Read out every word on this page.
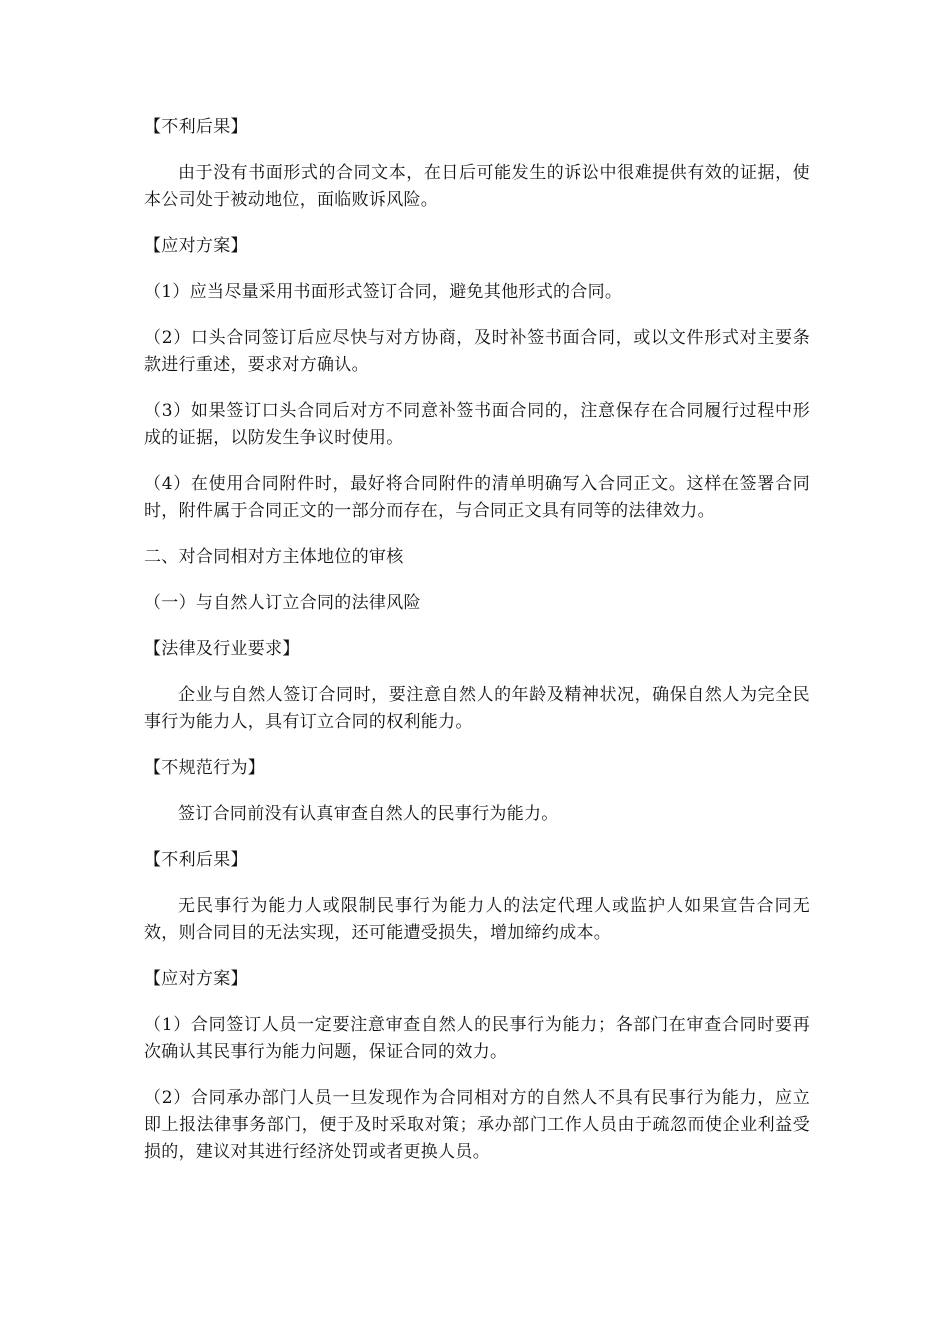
【不利后果】

由于没有书面形式的合同文本，在日后可能发生的诉讼中很难提供有效的证据，使本公司处于被动地位，面临败诉风险。

【应对方案】

（1）应当尽量采用书面形式签订合同，避免其他形式的合同。

（2）口头合同签订后应尽快与对方协商，及时补签书面合同，或以文件形式对主要条款进行重述，要求对方确认。

（3）如果签订口头合同后对方不同意补签书面合同的，注意保存在合同履行过程中形成的证据，以防发生争议时使用。

（4）在使用合同附件时，最好将合同附件的清单明确写入合同正文。这样在签署合同时，附件属于合同正文的一部分而存在，与合同正文具有同等的法律效力。

二、对合同相对方主体地位的审核

（一）与自然人订立合同的法律风险

【法律及行业要求】

企业与自然人签订合同时，要注意自然人的年龄及精神状况，确保自然人为完全民事行为能力人，具有订立合同的权利能力。

【不规范行为】

签订合同前没有认真审查自然人的民事行为能力。

【不利后果】

无民事行为能力人或限制民事行为能力人的法定代理人或监护人如果宣告合同无效，则合同目的无法实现，还可能遭受损失，增加缔约成本。

【应对方案】

（1）合同签订人员一定要注意审查自然人的民事行为能力；各部门在审查合同时要再次确认其民事行为能力问题，保证合同的效力。

（2）合同承办部门人员一旦发现作为合同相对方的自然人不具有民事行为能力，应立即上报法律事务部门，便于及时采取对策；承办部门工作人员由于疏忽而使企业利益受损的，建议对其进行经济处罚或者更换人员。
